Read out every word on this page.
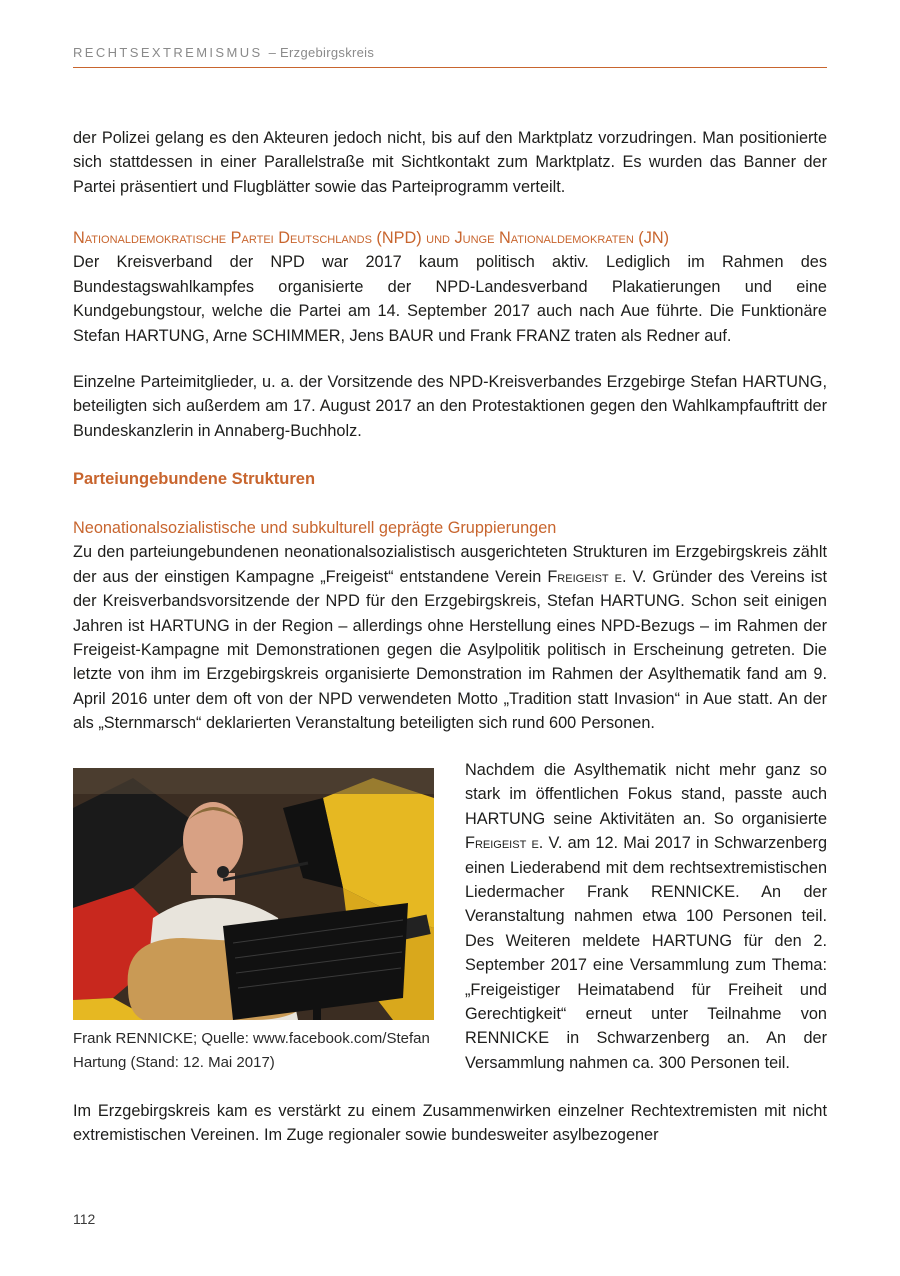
RECHTSEXTREMISMUS – Erzgebirgskreis

der Polizei gelang es den Akteuren jedoch nicht, bis auf den Marktplatz vorzudringen. Man positionierte sich stattdessen in einer Parallelstraße mit Sichtkontakt zum Marktplatz. Es wurden das Banner der Partei präsentiert und Flugblätter sowie das Parteiprogramm verteilt.

Nationaldemokratische Partei Deutschlands (NPD) und Junge Nationaldemokraten (JN)

Der Kreisverband der NPD war 2017 kaum politisch aktiv. Lediglich im Rahmen des Bundestagswahlkampfes organisierte der NPD-Landesverband Plakatierungen und eine Kundgebungstour, welche die Partei am 14. September 2017 auch nach Aue führte. Die Funktionäre Stefan HARTUNG, Arne SCHIMMER, Jens BAUR und Frank FRANZ traten als Redner auf.

Einzelne Parteimitglieder, u. a. der Vorsitzende des NPD-Kreisverbandes Erzgebirge Stefan HARTUNG, beteiligten sich außerdem am 17. August 2017 an den Protestaktionen gegen den Wahlkampfauftritt der Bundeskanzlerin in Annaberg-Buchholz.

Parteiungebundene Strukturen

Neonationalsozialistische und subkulturell geprägte Gruppierungen

Zu den parteiungebundenen neonationalsozialistisch ausgerichteten Strukturen im Erzgebirgskreis zählt der aus der einstigen Kampagne „Freigeist“ entstandene Verein Freigeist e. V. Gründer des Vereins ist der Kreisverbandsvorsitzende der NPD für den Erzgebirgskreis, Stefan HARTUNG. Schon seit einigen Jahren ist HARTUNG in der Region – allerdings ohne Herstellung eines NPD-Bezugs – im Rahmen der Freigeist-Kampagne mit Demonstrationen gegen die Asylpolitik politisch in Erscheinung getreten. Die letzte von ihm im Erzgebirgskreis organisierte Demonstration im Rahmen der Asylthematik fand am 9. April 2016 unter dem oft von der NPD verwendeten Motto „Tradition statt Invasion“ in Aue statt. An der als „Sternmarsch“ deklarierten Veranstaltung beteiligten sich rund 600 Personen.

Frank RENNICKE; Quelle: www.facebook.com/Stefan Hartung (Stand: 12. Mai 2017)

Nachdem die Asylthematik nicht mehr ganz so stark im öffentlichen Fokus stand, passte auch HARTUNG seine Aktivitäten an. So organisierte Freigeist e. V. am 12. Mai 2017 in Schwarzenberg einen Liederabend mit dem rechtsextremistischen Liedermacher Frank RENNICKE. An der Veranstaltung nahmen etwa 100 Personen teil. Des Weiteren meldete HARTUNG für den 2. September 2017 eine Versammlung zum Thema: „Freigeistiger Heimatabend für Freiheit und Gerechtigkeit“ erneut unter Teilnahme von RENNICKE in Schwarzenberg an. An der Versammlung nahmen ca. 300 Personen teil.

Im Erzgebirgskreis kam es verstärkt zu einem Zusammenwirken einzelner Rechtextremisten mit nicht extremistischen Vereinen. Im Zuge regionaler sowie bundesweiter asylbezogener

112
